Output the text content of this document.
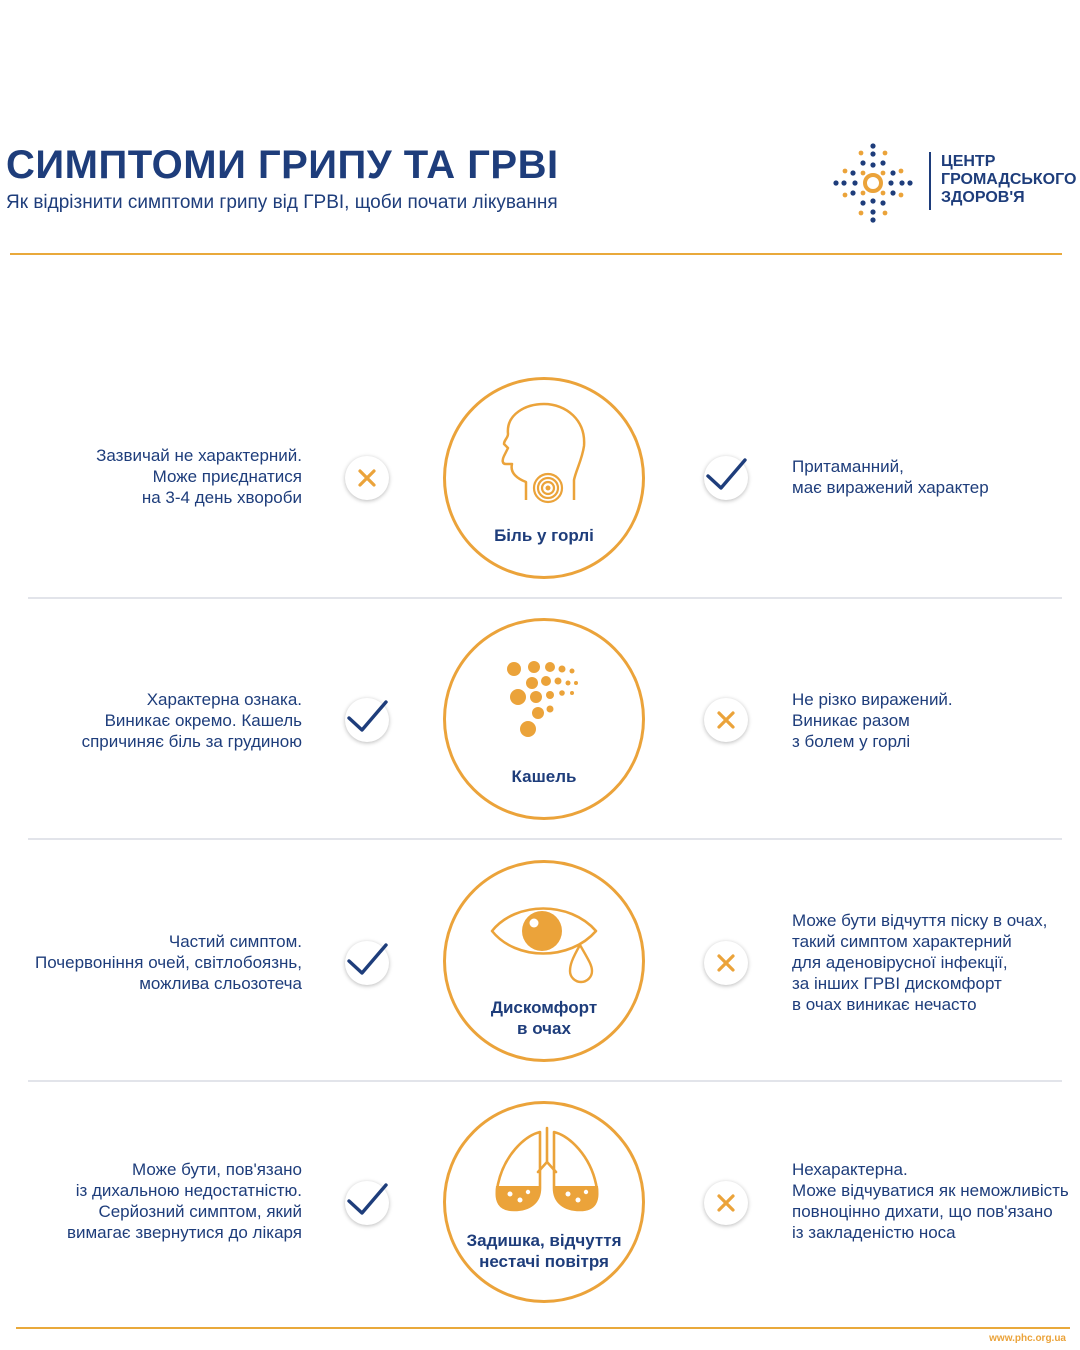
СИМПТОМИ ГРИПУ ТА ГРВІ
Як відрізнити симптоми грипу від ГРВІ, щоби почати лікування
ЦЕНТР
ГРОМАДСЬКОГО
ЗДОРОВ'Я
Зазвичай не характерний.
Може приєднатися
на 3-4 день хвороби
Біль у горлі
Притаманний,
має виражений характер
Характерна ознака.
Виникає окремо. Кашель
спричиняє біль за грудиною
Кашель
Не різко виражений.
Виникає разом
з болем у горлі
Частий симптом.
Почервоніння очей, світлобоязнь,
можлива сльозотеча
Дискомфорт
в очах
Може бути відчуття піску в очах,
такий симптом характерний
для аденовірусної інфекції,
за інших ГРВІ дискомфорт
в очах виникає нечасто
Може бути, пов'язано
із дихальною недостатністю.
Серйозний симптом, який
вимагає звернутися до лікаря	Задишка, відчуття
нестачі повітря
Нехарактерна.
Може відчуватися як неможливість
повноцінно дихати, що пов'язано
із закладеністю носа
www.phc.org.ua
